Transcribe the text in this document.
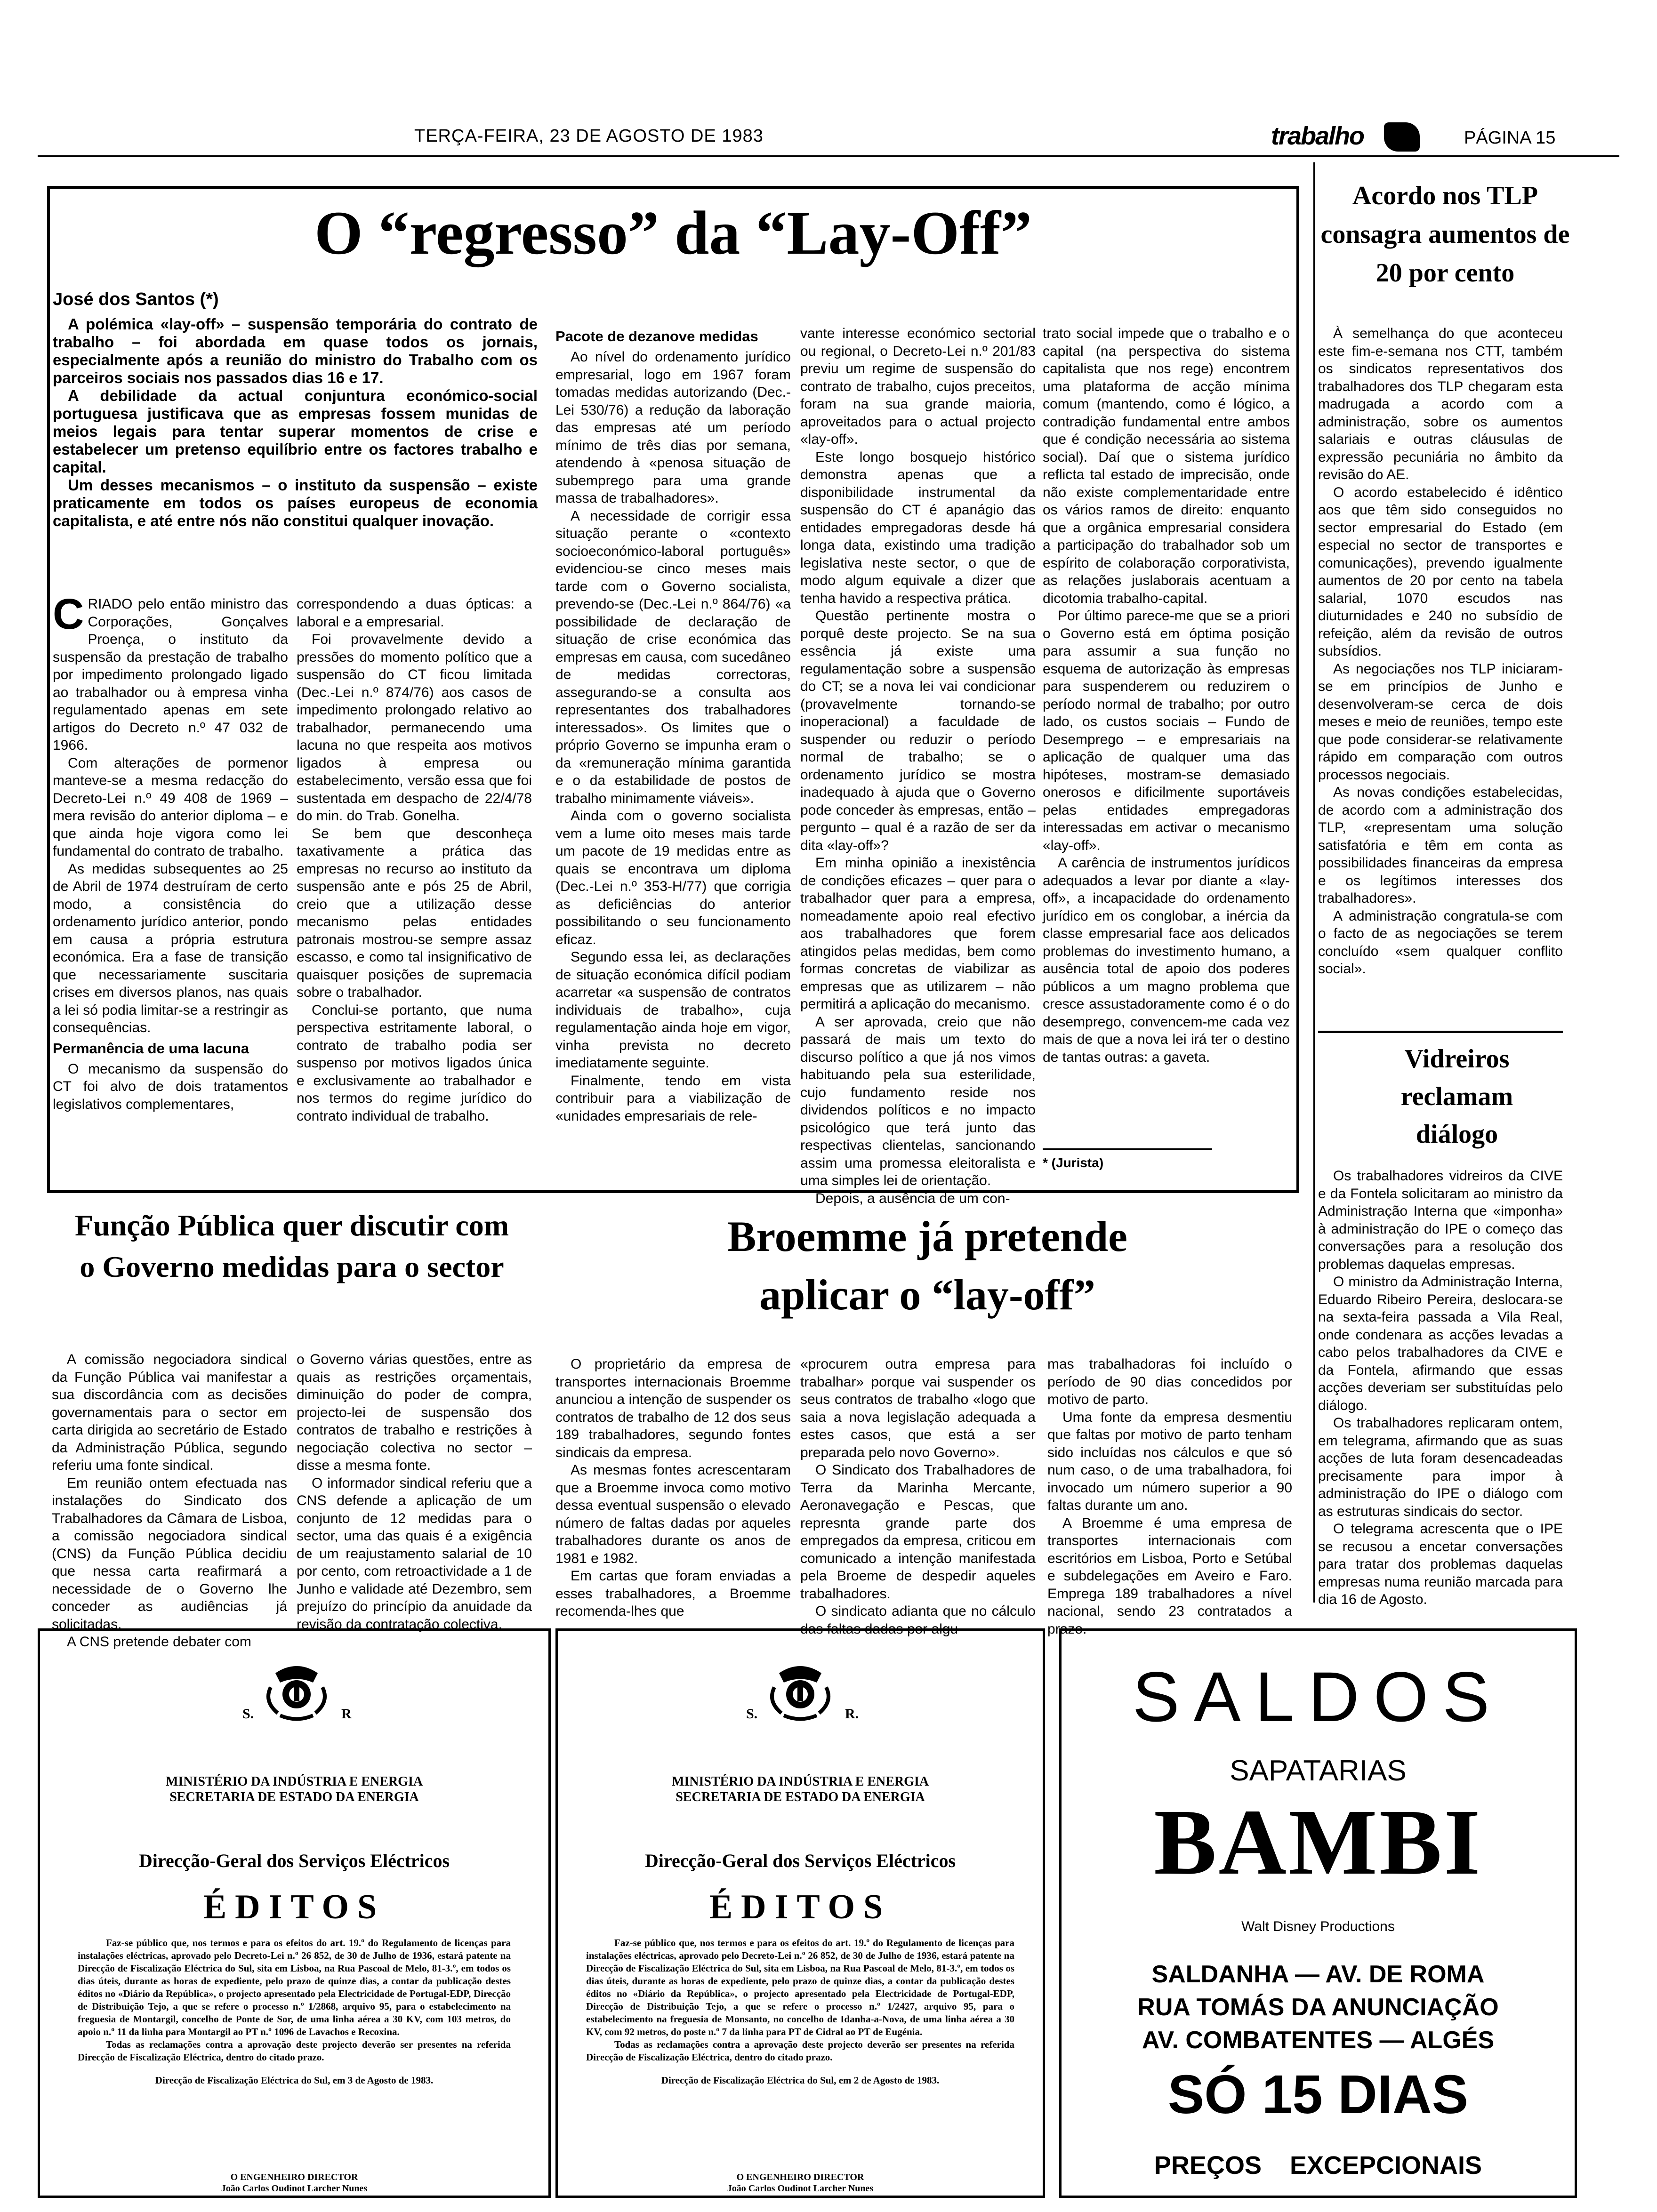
TERÇA-FEIRA, 23 DE AGOSTO DE 1983	trabalho	PÁGINA 15
O “regresso” da “Lay-Off”
José dos Santos (*)

A polémica «lay-off» – suspensão temporária do contrato de trabalho – foi abordada em quase todos os jornais, especialmente após a reunião do ministro do Trabalho com os parceiros sociais nos passados dias 16 e 17.

A debilidade da actual conjuntura económico-social portuguesa justificava que as empresas fossem munidas de meios legais para tentar superar momentos de crise e estabelecer um pretenso equilíbrio entre os factores trabalho e capital.

Um desses mecanismos – o instituto da suspensão – existe praticamente em todos os países europeus de economia capitalista, e até entre nós não constitui qualquer inovação.

CRIADO pelo então ministro das Corporações, Gonçalves Proença, o instituto da suspensão da prestação de trabalho por impedimento prolongado ligado ao trabalhador ou à empresa vinha regulamentado apenas em sete artigos do Decreto n.º 47 032 de 1966.

Com alterações de pormenor manteve-se a mesma redacção do Decreto-Lei n.º 49 408 de 1969 – mera revisão do anterior diploma – e que ainda hoje vigora como lei fundamental do contrato de trabalho.

As medidas subsequentes ao 25 de Abril de 1974 destruíram de certo modo, a consistência do ordenamento jurídico anterior, pondo em causa a própria estrutura económica. Era a fase de transição que necessariamente suscitaria crises em diversos planos, nas quais a lei só podia limitar-se a restringir as consequências.

Permanência de uma lacuna

O mecanismo da suspensão do CT foi alvo de dois tratamentos legislativos complementares,

correspondendo a duas ópticas: a laboral e a empresarial.

Foi provavelmente devido a pressões do momento político que a suspensão do CT ficou limitada (Dec.-Lei n.º 874/76) aos casos de impedimento prolongado relativo ao trabalhador, permanecendo uma lacuna no que respeita aos motivos ligados à empresa ou estabelecimento, versão essa que foi sustentada em despacho de 22/4/78 do min. do Trab. Gonelha.

Se bem que desconheça taxativamente a prática das empresas no recurso ao instituto da suspensão ante e pós 25 de Abril, creio que a utilização desse mecanismo pelas entidades patronais mostrou-se sempre assaz escasso, e como tal insignificativo de quaisquer posições de supremacia sobre o trabalhador.

Conclui-se portanto, que numa perspectiva estritamente laboral, o contrato de trabalho podia ser suspenso por motivos ligados única e exclusivamente ao trabalhador e nos termos do regime jurídico do contrato individual de trabalho.

Pacote de dezanove medidas

Ao nível do ordenamento jurídico empresarial, logo em 1967 foram tomadas medidas autorizando (Dec.-Lei 530/76) a redução da laboração das empresas até um período mínimo de três dias por semana, atendendo à «penosa situação de subemprego para uma grande massa de trabalhadores».

A necessidade de corrigir essa situação perante o «contexto socioeconómico-laboral português» evidenciou-se cinco meses mais tarde com o Governo socialista, prevendo-se (Dec.-Lei n.º 864/76) «a possibilidade de declaração de situação de crise económica das empresas em causa, com sucedâneo de medidas correctoras, assegurando-se a consulta aos representantes dos trabalhadores interessados». Os limites que o próprio Governo se impunha eram o da «remuneração mínima garantida e o da estabilidade de postos de trabalho minimamente viáveis».

Ainda com o governo socialista vem a lume oito meses mais tarde um pacote de 19 medidas entre as quais se encontrava um diploma (Dec.-Lei n.º 353-H/77) que corrigia as deficiências do anterior possibilitando o seu funcionamento eficaz.

Segundo essa lei, as declarações de situação económica difícil podiam acarretar «a suspensão de contratos individuais de trabalho», cuja regulamentação ainda hoje em vigor, vinha prevista no decreto imediatamente seguinte.

Finalmente, tendo em vista contribuir para a viabilização de «unidades empresariais de rele-

vante interesse económico sectorial ou regional, o Decreto-Lei n.º 201/83 previu um regime de suspensão do contrato de trabalho, cujos preceitos, foram na sua grande maioria, aproveitados para o actual projecto «lay-off».

Este longo bosquejo histórico demonstra apenas que a disponibilidade instrumental da suspensão do CT é apanágio das entidades empregadoras desde há longa data, existindo uma tradição legislativa neste sector, o que de modo algum equivale a dizer que tenha havido a respectiva prática.

Questão pertinente mostra o porquê deste projecto. Se na sua essência já existe uma regulamentação sobre a suspensão do CT; se a nova lei vai condicionar (provavelmente tornando-se inoperacional) a faculdade de suspender ou reduzir o período normal de trabalho; se o ordenamento jurídico se mostra inadequado à ajuda que o Governo pode conceder às empresas, então – pergunto – qual é a razão de ser da dita «lay-off»?

Em minha opinião a inexistência de condições eficazes – quer para o trabalhador quer para a empresa, nomeadamente apoio real efectivo aos trabalhadores que forem atingidos pelas medidas, bem como formas concretas de viabilizar as empresas que as utilizarem – não permitirá a aplicação do mecanismo.

A ser aprovada, creio que não passará de mais um texto do discurso político a que já nos vimos habituando pela sua esterilidade, cujo fundamento reside nos dividendos políticos e no impacto psicológico que terá junto das respectivas clientelas, sancionando assim uma promessa eleitoralista e uma simples lei de orientação.

Depois, a ausência de um con-

trato social impede que o trabalho e o capital (na perspectiva do sistema capitalista que nos rege) encontrem uma plataforma de acção mínima comum (mantendo, como é lógico, a contradição fundamental entre ambos que é condição necessária ao sistema social). Daí que o sistema jurídico reflicta tal estado de imprecisão, onde não existe complementaridade entre os vários ramos de direito: enquanto que a orgânica empresarial considera a participação do trabalhador sob um espírito de colaboração corporativista, as relações juslaborais acentuam a dicotomia trabalho-capital.

Por último parece-me que se a priori o Governo está em óptima posição para assumir a sua função no esquema de autorização às empresas para suspenderem ou reduzirem o período normal de trabalho; por outro lado, os custos sociais – Fundo de Desemprego – e empresariais na aplicação de qualquer uma das hipóteses, mostram-se demasiado onerosos e dificilmente suportáveis pelas entidades empregadoras interessadas em activar o mecanismo «lay-off».

A carência de instrumentos jurídicos adequados a levar por diante a «lay-off», a incapacidade do ordenamento jurídico em os conglobar, a inércia da classe empresarial face aos delicados problemas do investimento humano, a ausência total de apoio dos poderes públicos a um magno problema que cresce assustadoramente como é o do desemprego, convencem-me cada vez mais de que a nova lei irá ter o destino de tantas outras: a gaveta.

* (Jurista)
Acordo nos TLP consagra aumentos de 20 por cento

À semelhança do que aconteceu este fim-e-semana nos CTT, também os sindicatos representativos dos trabalhadores dos TLP chegaram esta madrugada a acordo com a administração, sobre os aumentos salariais e outras cláusulas de expressão pecuniária no âmbito da revisão do AE.

O acordo estabelecido é idêntico aos que têm sido conseguidos no sector empresarial do Estado (em especial no sector de transportes e comunicações), prevendo igualmente aumentos de 20 por cento na tabela salarial, 1070 escudos nas diuturnidades e 240 no subsídio de refeição, além da revisão de outros subsídios.

As negociações nos TLP iniciaram-se em princípios de Junho e desenvolveram-se cerca de dois meses e meio de reuniões, tempo este que pode considerar-se relativamente rápido em comparação com outros processos negociais.

As novas condições estabelecidas, de acordo com a administração dos TLP, «representam uma solução satisfatória e têm em conta as possibilidades financeiras da empresa e os legítimos interesses dos trabalhadores».

A administração congratula-se com o facto de as negociações se terem concluído «sem qualquer conflito social».

Vidreiros reclamam diálogo

Os trabalhadores vidreiros da CIVE e da Fontela solicitaram ao ministro da Administração Interna que «imponha» à administração do IPE o começo das conversações para a resolução dos problemas daquelas empresas.

O ministro da Administração Interna, Eduardo Ribeiro Pereira, deslocara-se na sexta-feira passada a Vila Real, onde condenara as acções levadas a cabo pelos trabalhadores da CIVE e da Fontela, afirmando que essas acções deveriam ser substituídas pelo diálogo.

Os trabalhadores replicaram ontem, em telegrama, afirmando que as suas acções de luta foram desencadeadas precisamente para impor à administração do IPE o diálogo com as estruturas sindicais do sector.

O telegrama acrescenta que o IPE se recusou a encetar conversações para tratar dos problemas daquelas empresas numa reunião marcada para dia 16 de Agosto.

Função Pública quer discutir com o Governo medidas para o sector

A comissão negociadora sindical da Função Pública vai manifestar a sua discordância com as decisões governamentais para o sector em carta dirigida ao secretário de Estado da Administração Pública, segundo referiu uma fonte sindical.

Em reunião ontem efectuada nas instalações do Sindicato dos Trabalhadores da Câmara de Lisboa, a comissão negociadora sindical (CNS) da Função Pública decidiu que nessa carta reafirmará a necessidade de o Governo lhe conceder as audiências já solicitadas.

A CNS pretende debater com

o Governo várias questões, entre as quais as restrições orçamentais, diminuição do poder de compra, projecto-lei de suspensão dos contratos de trabalho e restrições à negociação colectiva no sector – disse a mesma fonte.

O informador sindical referiu que a CNS defende a aplicação de um conjunto de 12 medidas para o sector, uma das quais é a exigência de um reajustamento salarial de 10 por cento, com retroactividade a 1 de Junho e validade até Dezembro, sem prejuízo do princípio da anuidade da revisão da contratação colectiva.

Broemme já pretende aplicar o “lay-off”

O proprietário da empresa de transportes internacionais Broemme anunciou a intenção de suspender os contratos de trabalho de 12 dos seus 189 trabalhadores, segundo fontes sindicais da empresa.

As mesmas fontes acrescentaram que a Broemme invoca como motivo dessa eventual suspensão o elevado número de faltas dadas por aqueles trabalhadores durante os anos de 1981 e 1982.

Em cartas que foram enviadas a esses trabalhadores, a Broemme recomenda-lhes que

«procurem outra empresa para trabalhar» porque vai suspender os seus contratos de trabalho «logo que saia a nova legislação adequada a estes casos, que está a ser preparada pelo novo Governo».

O Sindicato dos Trabalhadores de Terra da Marinha Mercante, Aeronavegação e Pescas, que represnta grande parte dos empregados da empresa, criticou em comunicado a intenção manifestada pela Broeme de despedir aqueles trabalhadores.

O sindicato adianta que no cálculo das faltas dadas por algu-

mas trabalhadoras foi incluído o período de 90 dias concedidos por motivo de parto.

Uma fonte da empresa desmentiu que faltas por motivo de parto tenham sido incluídas nos cálculos e que só num caso, o de uma trabalhadora, foi invocado um número superior a 90 faltas durante um ano.

A Broemme é uma empresa de transportes internacionais com escritórios em Lisboa, Porto e Setúbal e subdelegações em Aveiro e Faro. Emprega 189 trabalhadores a nível nacional, sendo 23 contratados a prazo.

S.	R
MINISTÉRIO DA INDÚSTRIA E ENERGIA
SECRETARIA DE ESTADO DA ENERGIA
Direcção-Geral dos Serviços Eléctricos
ÉDITOS

Faz-se público que, nos termos e para os efeitos do art. 19.º do Regulamento de licenças para instalações eléctricas, aprovado pelo Decreto-Lei n.º 26 852, de 30 de Julho de 1936, estará patente na Direcção de Fiscalização Eléctrica do Sul, sita em Lisboa, na Rua Pascoal de Melo, 81-3.º, em todos os dias úteis, durante as horas de expediente, pelo prazo de quinze dias, a contar da publicação destes éditos no «Diário da República», o projecto apresentado pela Electricidade de Portugal-EDP, Direcção de Distribuição Tejo, a que se refere o processo n.º 1/2868, arquivo 95, para o estabelecimento na freguesia de Montargil, concelho de Ponte de Sor, de uma linha aérea a 30 KV, com 103 metros, do apoio n.º 11 da linha para Montargil ao PT n.º 1096 de Lavachos e Recoxina.

Todas as reclamações contra a aprovação deste projecto deverão ser presentes na referida Direcção de Fiscalização Eléctrica, dentro do citado prazo.

Direcção de Fiscalização Eléctrica do Sul, em 3 de Agosto de 1983.

O ENGENHEIRO DIRECTOR
João Carlos Oudinot Larcher Nunes
S.	R.
MINISTÉRIO DA INDÚSTRIA E ENERGIA
SECRETARIA DE ESTADO DA ENERGIA
Direcção-Geral dos Serviços Eléctricos
ÉDITOS

Faz-se público que, nos termos e para os efeitos do art. 19.º do Regulamento de licenças para instalações eléctricas, aprovado pelo Decreto-Lei n.º 26 852, de 30 de Julho de 1936, estará patente na Direcção de Fiscalização Eléctrica do Sul, sita em Lisboa, na Rua Pascoal de Melo, 81-3.º, em todos os dias úteis, durante as horas de expediente, pelo prazo de quinze dias, a contar da publicação destes éditos no «Diário da República», o projecto apresentado pela Electricidade de Portugal-EDP, Direcção de Distribuição Tejo, a que se refere o processo n.º 1/2427, arquivo 95, para o estabelecimento na freguesia de Monsanto, no concelho de Idanha-a-Nova, de uma linha aérea a 30 KV, com 92 metros, do poste n.º 7 da linha para PT de Cidral ao PT de Eugénia.

Todas as reclamações contra a aprovação deste projecto deverão ser presentes na referida Direcção de Fiscalização Eléctrica, dentro do citado prazo.

Direcção de Fiscalização Eléctrica do Sul, em 2 de Agosto de 1983.

O ENGENHEIRO DIRECTOR
João Carlos Oudinot Larcher Nunes
SALDOS
SAPATARIAS
BAMBI
Walt Disney Productions
SALDANHA — AV. DE ROMA
RUA TOMÁS DA ANUNCIAÇÃO
AV. COMBATENTES — ALGÉS
SÓ 15 DIAS
PREÇOS    EXCEPCIONAIS
